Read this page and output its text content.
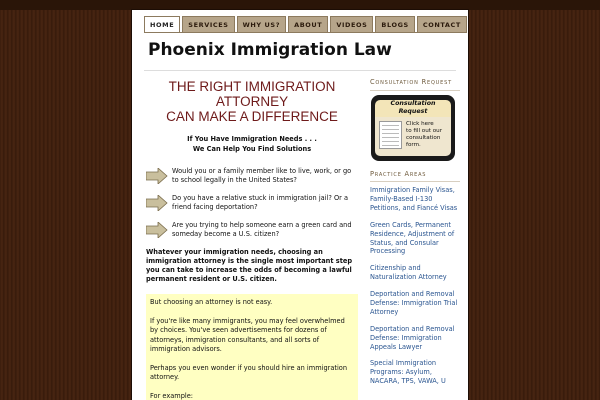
HOME	SERVICES	WHY US?	ABOUT	VIDEOS	BLOGS	CONTACT
Phoenix Immigration Law
THE RIGHT IMMIGRATION
ATTORNEY
CAN MAKE A DIFFERENCE
If You Have Immigration Needs . . .
We Can Help You Find Solutions
Would you or a family member like to live, work, or go to school legally in the United States?
Do you have a relative stuck in immigration jail? Or a friend facing deportation?
Are you trying to help someone earn a green card and someday become a U.S. citizen?
Whatever your immigration needs, choosing an immigration attorney is the single most important step you can take to increase the odds of becoming a lawful permanent resident or U.S. citizen.

But choosing an attorney is not easy.

If you're like many immigrants, you may feel overwhelmed by choices. You've seen advertisements for dozens of attorneys, immigration consultants, and all sorts of immigration advisors.

Perhaps you even wonder if you should hire an immigration attorney.

For example:

Consultation Request
Consultation
Request
Click here
to fill out our
consultation
form.
Practice Areas
Immigration Family Visas, Family-Based I-130 Petitions, and Fiancé Visas
Green Cards, Permanent Residence, Adjustment of Status, and Consular Processing
Citizenship and Naturalization Attorney
Deportation and Removal Defense: Immigration Trial Attorney
Deportation and Removal Defense: Immigration Appeals Lawyer
Special Immigration Programs: Asylum, NACARA, TPS, VAWA, U
